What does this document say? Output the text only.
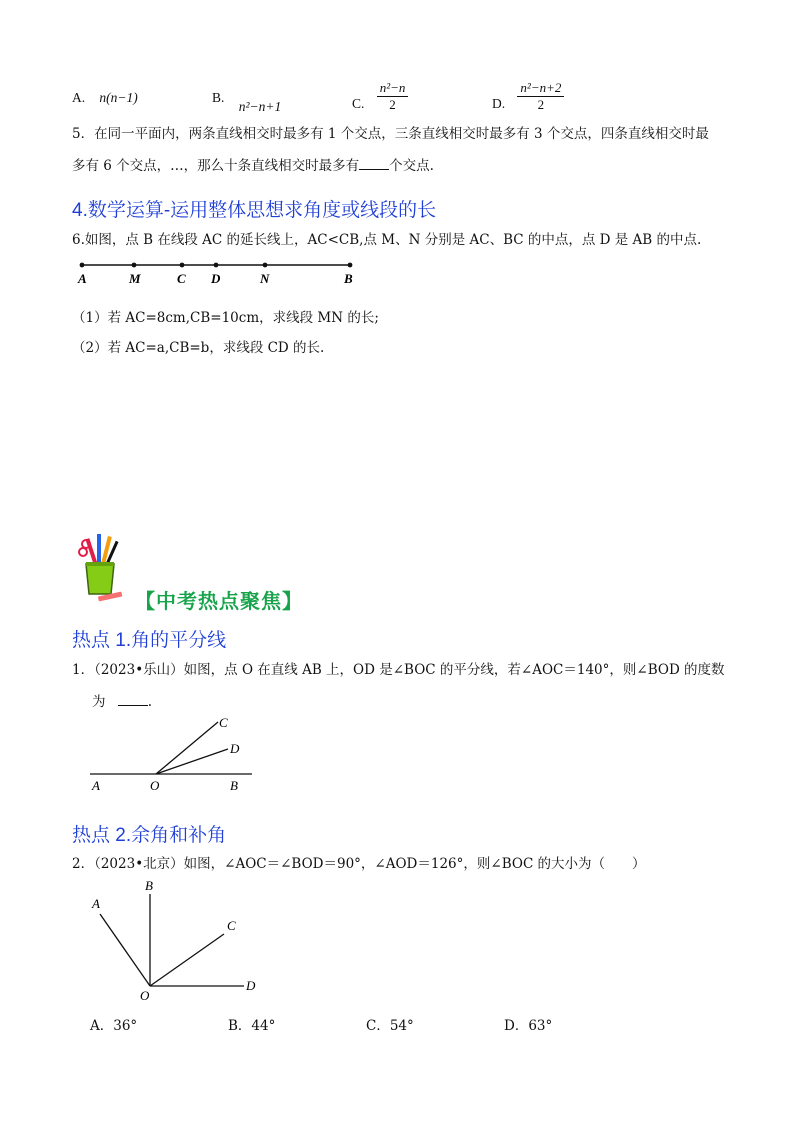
A. n(n−1)	B. n²−n+1	C. $\frac{\text{n²−n}}{2}$	D. $\frac{\text{n²−n+2}}{2}$
5．在同一平面内，两条直线相交时最多有 1 个交点，三条直线相交时最多有 3 个交点，四条直线相交时最
多有 6 个交点，…，那么十条直线相交时最多有 个交点.
4.数学运算-运用整体思想求角度或线段的长
6.如图，点 B 在线段 AC 的延长线上，AC<CB,点 M、N 分别是 AC、BC 的中点，点 D 是 AB 的中点.
A	M	C D	N	B
（1）若 AC=8cm,CB=10cm，求线段 MN 的长;
（2）若 AC=a,CB=b，求线段 CD 的长.
【中考热点聚焦】
热点 1.角的平分线
1．（2023•乐山）如图，点 O 在直线 AB 上，OD 是∠BOC 的平分线，若∠AOC＝140°，则∠BOD 的度数
为	.
A	O	B
C
D
热点 2.余角和补角
2．（2023•北京）如图，∠AOC＝∠BOD＝90°，∠AOD＝126°，则∠BOC 的大小为（　　）
B
A
C
D
O
A．36°	B．44°	C．54°	D．63°
